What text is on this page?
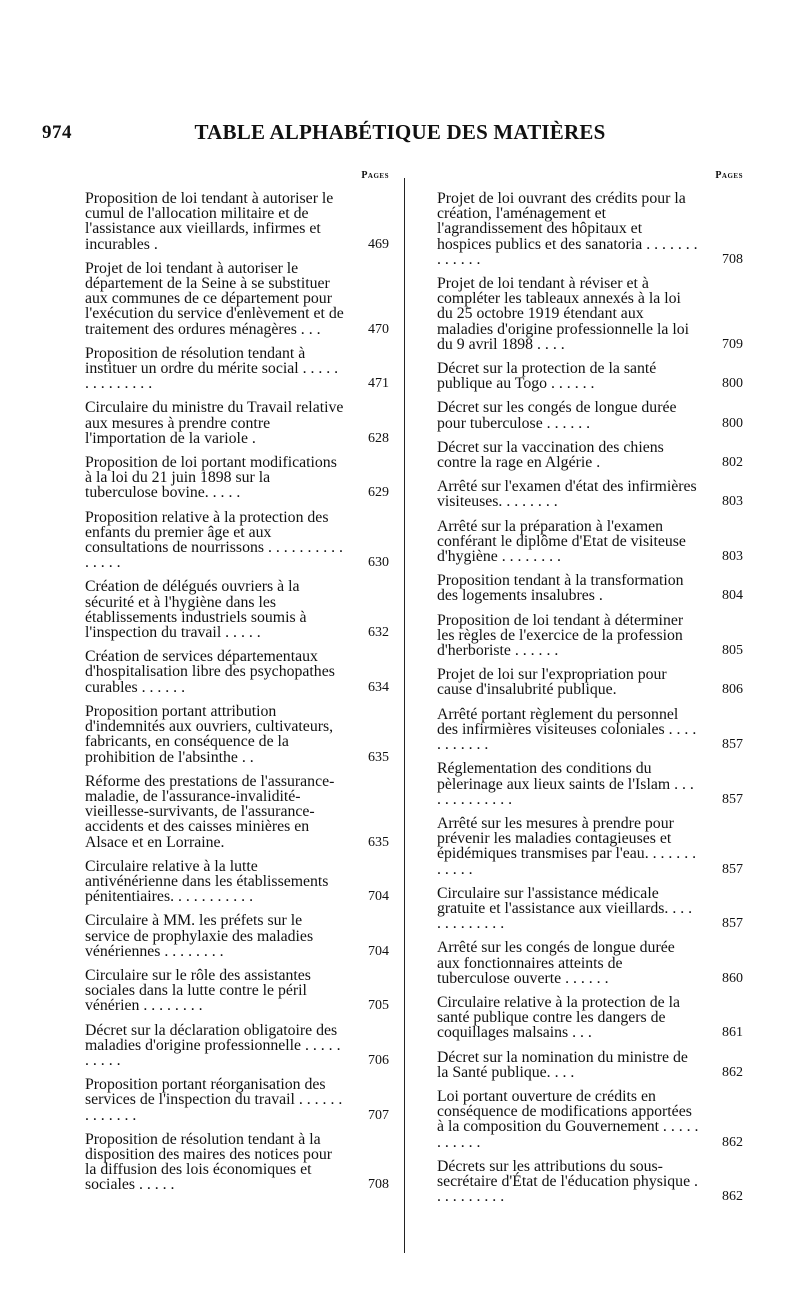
974	TABLE ALPHABÉTIQUE DES MATIÈRES
Pages
Proposition de loi tendant à autoriser le cumul de l'allocation militaire et de l'assistance aux vieillards, infirmes et incurables .	469
Projet de loi tendant à autoriser le département de la Seine à se substituer aux communes de ce département pour l'exécution du service d'enlèvement et de traitement des ordures ménagères . . .	470
Proposition de résolution tendant à instituer un ordre du mérite social . . . . . . . . . . . . . .	471
Circulaire du ministre du Travail relative aux mesures à prendre contre l'importation de la variole .	628
Proposition de loi portant modifications à la loi du 21 juin 1898 sur la tuberculose bovine. . . . .	629
Proposition relative à la protection des enfants du premier âge et aux consultations de nourrissons . . . . . . . . . . . . . . .	630
Création de délégués ouvriers à la sécurité et à l'hygiène dans les établissements industriels soumis à l'inspection du travail . . . . .	632
Création de services départementaux d'hospitalisation libre des psychopathes curables . . . . . .	634
Proposition portant attribution d'indemnités aux ouvriers, cultivateurs, fabricants, en conséquence de la prohibition de l'absinthe . .	635
Réforme des prestations de l'assurance-maladie, de l'assurance-invalidité-vieillesse-survivants, de l'assurance-accidents et des caisses minières en Alsace et en Lorraine.	635
Circulaire relative à la lutte antivénérienne dans les établissements pénitentiaires. . . . . . . . . . .	704
Circulaire à MM. les préfets sur le service de prophylaxie des maladies vénériennes . . . . . . . .	704
Circulaire sur le rôle des assistantes sociales dans la lutte contre le péril vénérien . . . . . . . .	705
Décret sur la déclaration obligatoire des maladies d'origine professionnelle . . . . . . . . . .	706
Proposition portant réorganisation des services de l'inspection du travail . . . . . . . . . . . . .	707
Proposition de résolution tendant à la disposition des maires des notices pour la diffusion des lois économiques et sociales . . . . .	708
Pages
Projet de loi ouvrant des crédits pour la création, l'aménagement et l'agrandissement des hôpitaux et hospices publics et des sanatoria . . . . . . . . . . . . .	708
Projet de loi tendant à réviser et à compléter les tableaux annexés à la loi du 25 octobre 1919 étendant aux maladies d'origine professionnelle la loi du 9 avril 1898 . . . .	709
Décret sur la protection de la santé publique au Togo . . . . . .	800
Décret sur les congés de longue durée pour tuberculose . . . . . .	800
Décret sur la vaccination des chiens contre la rage en Algérie .	802
Arrêté sur l'examen d'état des infirmières visiteuses. . . . . . . .	803
Arrêté sur la préparation à l'examen conférant le diplôme d'Etat de visiteuse d'hygiène . . . . . . . .	803
Proposition tendant à la transformation des logements insalubres .	804
Proposition de loi tendant à déterminer les règles de l'exercice de la profession d'herboriste . . . . . .	805
Projet de loi sur l'expropriation pour cause d'insalubrité publique.	806
Arrêté portant règlement du personnel des infirmières visiteuses coloniales . . . . . . . . . . .	857
Réglementation des conditions du pèlerinage aux lieux saints de l'Islam . . . . . . . . . . . . .	857
Arrêté sur les mesures à prendre pour prévenir les maladies contagieuses et épidémiques transmises par l'eau. . . . . . . . . . . .	857
Circulaire sur l'assistance médicale gratuite et l'assistance aux vieillards. . . . . . . . . . . . .	857
Arrêté sur les congés de longue durée aux fonctionnaires atteints de tuberculose ouverte . . . . . .	860
Circulaire relative à la protection de la santé publique contre les dangers de coquillages malsains . . .	861
Décret sur la nomination du ministre de la Santé publique. . . .	862
Loi portant ouverture de crédits en conséquence de modifications apportées à la composition du Gouvernement . . . . . . . . . . .	862
Décrets sur les attributions du sous-secrétaire d'État de l'éducation physique . . . . . . . . . .	862
